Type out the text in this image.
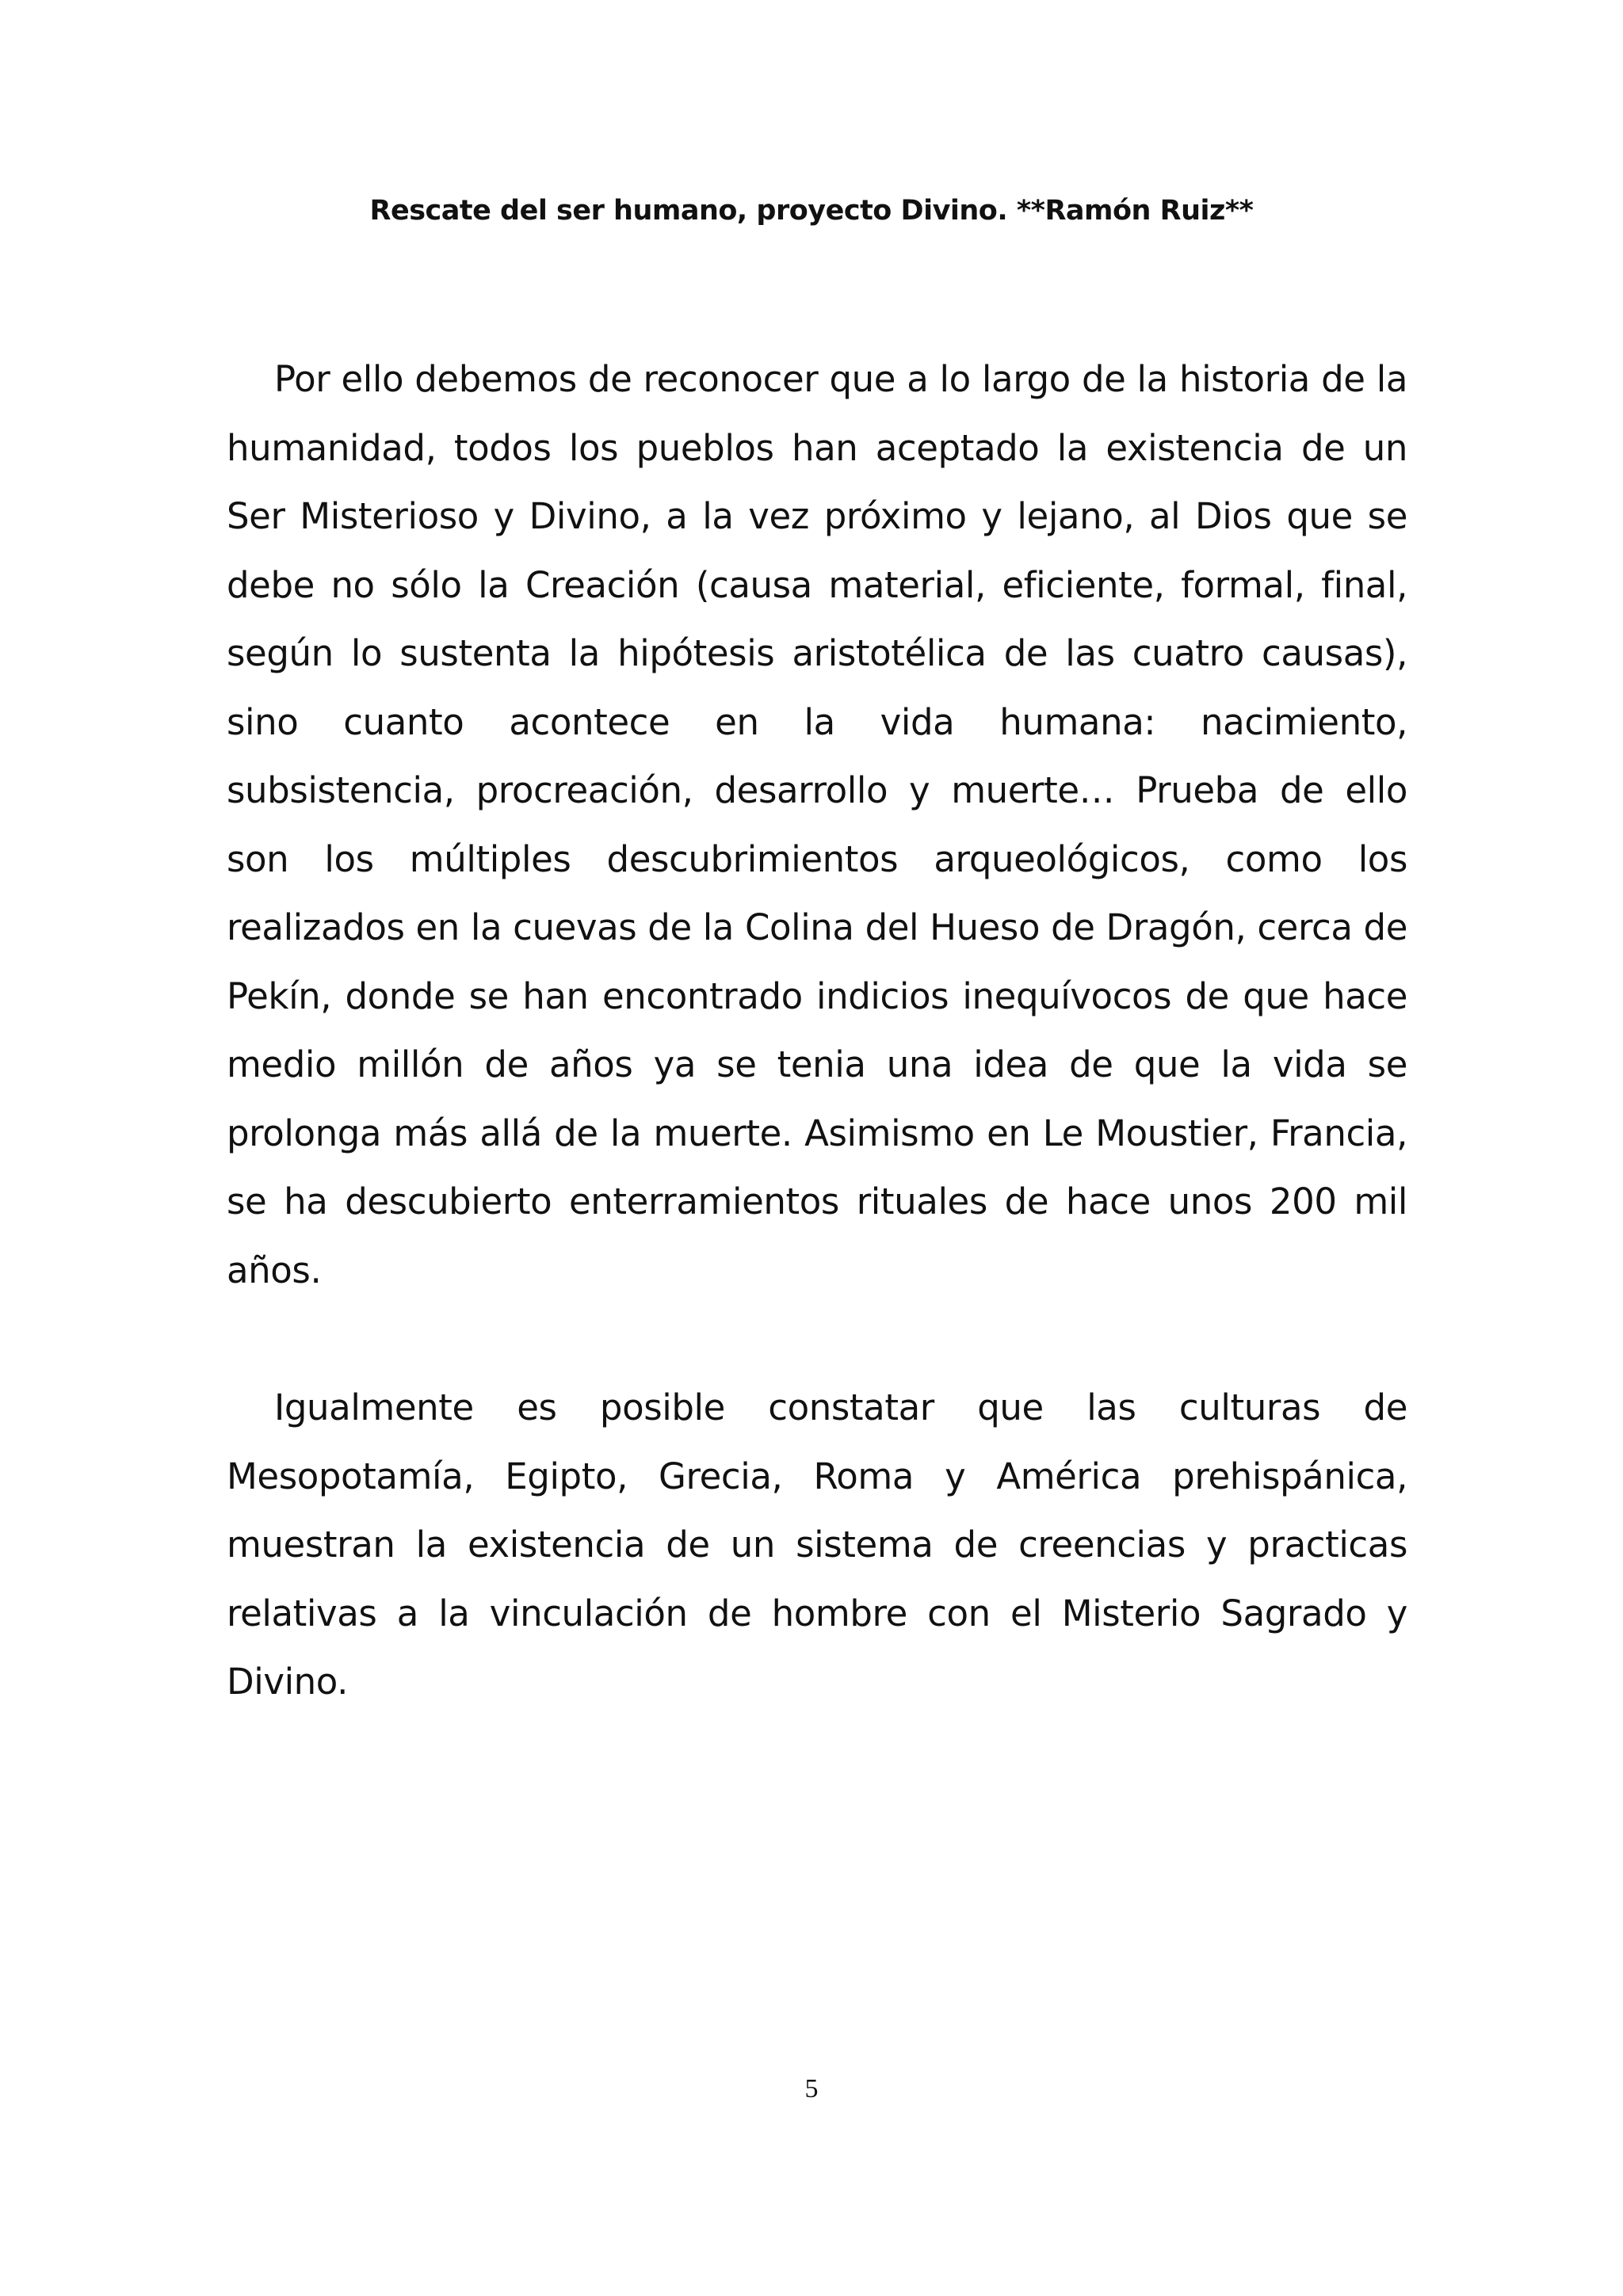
Rescate del ser humano, proyecto Divino. **Ramón Ruiz**

Por ello debemos de reconocer que a lo largo de la historia de la humanidad, todos los pueblos han aceptado la existencia de un Ser Misterioso y Divino, a la vez próximo y lejano, al Dios que se debe no sólo la Creación (causa material, eficiente, formal, final, según lo sustenta la hipótesis aristotélica de las cuatro causas), sino cuanto acontece en la vida humana: nacimiento, subsistencia, procreación, desarrollo y muerte… Prueba de ello son los múltiples descubrimientos arqueológicos, como los realizados en la cuevas de la Colina del Hueso de Dragón, cerca de Pekín, donde se han encontrado indicios inequívocos de que hace medio millón de años ya se tenia una idea de que la vida se prolonga más allá de la muerte. Asimismo en Le Moustier, Francia, se ha descubierto enterramientos rituales de hace unos 200 mil años.

Igualmente es posible constatar que las culturas de Mesopotamía, Egipto, Grecia, Roma y América prehispánica, muestran la existencia de un sistema de creencias y practicas relativas a la vinculación de hombre con el Misterio Sagrado y Divino.

5
